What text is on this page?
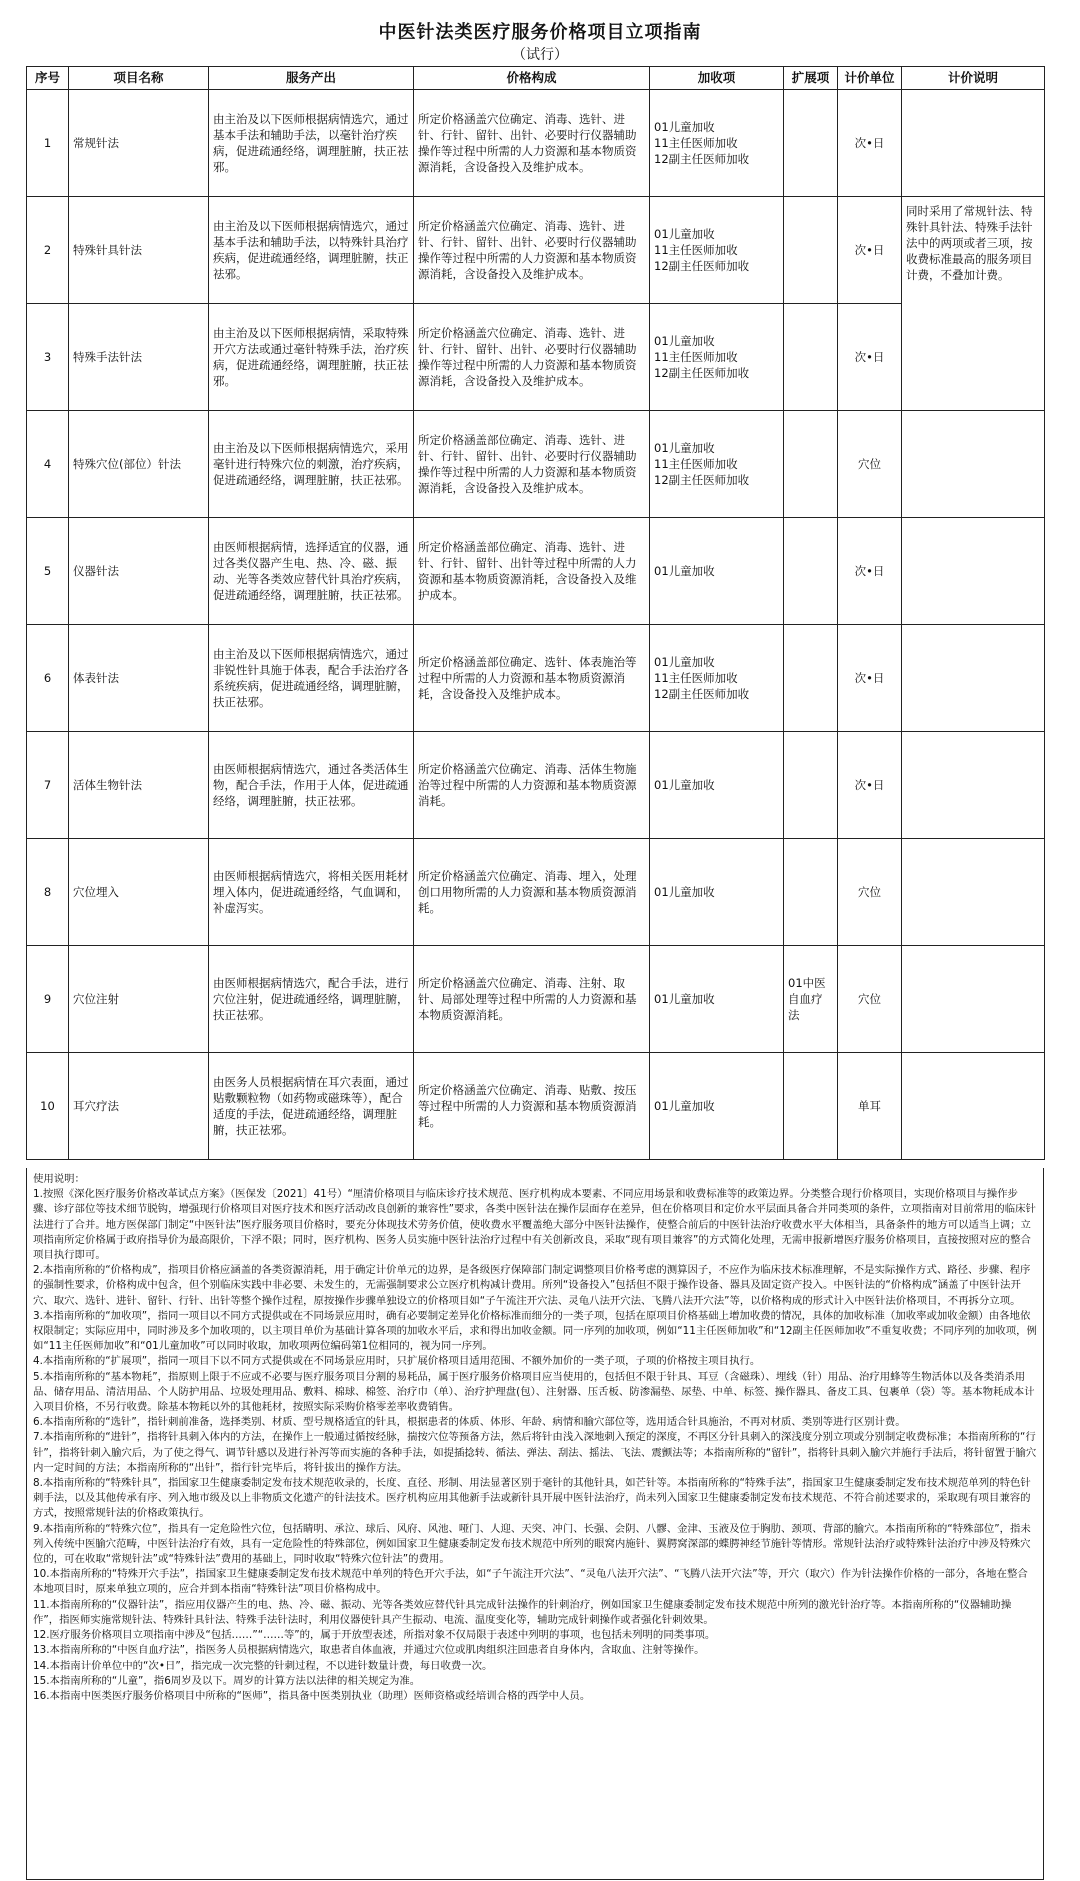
中医针法类医疗服务价格项目立项指南
（试行）
序号	项目名称	服务产出	价格构成	加收项	扩展项	计价单位	计价说明
1	常规针法	由主治及以下医师根据病情选穴，通过基本手法和辅助手法，以毫针治疗疾病，促进疏通经络，调理脏腑，扶正祛邪。	所定价格涵盖穴位确定、消毒、选针、进针、行针、留针、出针、必要时行仪器辅助操作等过程中所需的人力资源和基本物质资源消耗，含设备投入及维护成本。	01儿童加收
11主任医师加收
12副主任医师加收		次•日	
2	特殊针具针法	由主治及以下医师根据病情选穴，通过基本手法和辅助手法，以特殊针具治疗疾病，促进疏通经络，调理脏腑，扶正祛邪。	所定价格涵盖穴位确定、消毒、选针、进针、行针、留针、出针、必要时行仪器辅助操作等过程中所需的人力资源和基本物质资源消耗，含设备投入及维护成本。	01儿童加收
11主任医师加收
12副主任医师加收		次•日	同时采用了常规针法、特殊针具针法、特殊手法针法中的两项或者三项，按收费标准最高的服务项目计费，不叠加计费。
3	特殊手法针法	由主治及以下医师根据病情，采取特殊开穴方法或通过毫针特殊手法，治疗疾病，促进疏通经络，调理脏腑，扶正祛邪。	所定价格涵盖穴位确定、消毒、选针、进针、行针、留针、出针、必要时行仪器辅助操作等过程中所需的人力资源和基本物质资源消耗，含设备投入及维护成本。	01儿童加收
11主任医师加收
12副主任医师加收		次•日	
4	特殊穴位(部位）针法	由主治及以下医师根据病情选穴，采用毫针进行特殊穴位的刺激，治疗疾病，促进疏通经络，调理脏腑，扶正祛邪。	所定价格涵盖部位确定、消毒、选针、进针、行针、留针、出针、必要时行仪器辅助操作等过程中所需的人力资源和基本物质资源消耗，含设备投入及维护成本。	01儿童加收
11主任医师加收
12副主任医师加收		穴位	
5	仪器针法	由医师根据病情，选择适宜的仪器，通过各类仪器产生电、热、冷、磁、振动、光等各类效应替代针具治疗疾病，促进疏通经络，调理脏腑，扶正祛邪。	所定价格涵盖部位确定、消毒、选针、进针、行针、留针、出针等过程中所需的人力资源和基本物质资源消耗，含设备投入及维护成本。	01儿童加收		次•日	
6	体表针法	由主治及以下医师根据病情选穴，通过非锐性针具施于体表，配合手法治疗各系统疾病，促进疏通经络，调理脏腑，扶正祛邪。	所定价格涵盖部位确定、选针、体表施治等过程中所需的人力资源和基本物质资源消耗，含设备投入及维护成本。	01儿童加收
11主任医师加收
12副主任医师加收		次•日	
7	活体生物针法	由医师根据病情选穴，通过各类活体生物，配合手法，作用于人体，促进疏通经络，调理脏腑，扶正祛邪。	所定价格涵盖穴位确定、消毒、活体生物施治等过程中所需的人力资源和基本物质资源消耗。	01儿童加收		次•日	
8	穴位埋入	由医师根据病情选穴，将相关医用耗材埋入体内，促进疏通经络，气血调和，补虚泻实。	所定价格涵盖穴位确定、消毒、埋入，处理创口用物所需的人力资源和基本物质资源消耗。	01儿童加收		穴位	
9	穴位注射	由医师根据病情选穴，配合手法，进行穴位注射，促进疏通经络，调理脏腑，扶正祛邪。	所定价格涵盖穴位确定、消毒、注射、取针、局部处理等过程中所需的人力资源和基本物质资源消耗。	01儿童加收	01中医自血疗法	穴位	
10	耳穴疗法	由医务人员根据病情在耳穴表面，通过贴敷颗粒物（如药物或磁珠等），配合适度的手法，促进疏通经络，调理脏腑，扶正祛邪。	所定价格涵盖穴位确定、消毒、贴敷、按压等过程中所需的人力资源和基本物质资源消耗。	01儿童加收		单耳	

使用说明：

1.按照《深化医疗服务价格改革试点方案》（医保发〔2021〕41号）“厘清价格项目与临床诊疗技术规范、医疗机构成本要素、不同应用场景和收费标准等的政策边界。分类整合现行价格项目，实现价格项目与操作步骤、诊疗部位等技术细节脱钩，增强现行价格项目对医疗技术和医疗活动改良创新的兼容性”要求，各类中医针法在操作层面存在差异，但在价格项目和定价水平层面具备合并同类项的条件，立项指南对目前常用的临床针法进行了合并。地方医保部门制定“中医针法”医疗服务项目价格时，要充分体现技术劳务价值，使收费水平覆盖绝大部分中医针法操作，使整合前后的中医针法治疗收费水平大体相当，具备条件的地方可以适当上调；立项指南所定价格属于政府指导价为最高限价，下浮不限；同时，医疗机构、医务人员实施中医针法治疗过程中有关创新改良，采取“现有项目兼容”的方式简化处理，无需申报新增医疗服务价格项目，直接按照对应的整合项目执行即可。

2.本指南所称的“价格构成”，指项目价格应涵盖的各类资源消耗，用于确定计价单元的边界，是各级医疗保障部门制定调整项目价格考虑的测算因子，不应作为临床技术标准理解，不是实际操作方式、路径、步骤、程序的强制性要求，价格构成中包含，但个别临床实践中非必要、未发生的，无需强制要求公立医疗机构减计费用。所列“设备投入”包括但不限于操作设备、器具及固定资产投入。中医针法的“价格构成”涵盖了中医针法开穴、取穴、选针、进针、留针、行针、出针等整个操作过程，原按操作步骤单独设立的价格项目如“子午流注开穴法、灵龟八法开穴法、飞腾八法开穴法”等，以价格构成的形式计入中医针法价格项目，不再拆分立项。

3.本指南所称的“加收项”，指同一项目以不同方式提供或在不同场景应用时，确有必要制定差异化价格标准而细分的一类子项，包括在原项目价格基础上增加收费的情况，具体的加收标准（加收率或加收金额）由各地依权限制定；实际应用中，同时涉及多个加收项的，以主项目单价为基础计算各项的加收水平后，求和得出加收金额。同一序列的加收项，例如“11主任医师加收”和“12副主任医师加收”不重复收费；不同序列的加收项，例如“11主任医师加收”和“01儿童加收”可以同时收取，加收项两位编码第1位相同的，视为同一序列。

4.本指南所称的“扩展项”，指同一项目下以不同方式提供或在不同场景应用时，只扩展价格项目适用范围、不额外加价的一类子项，子项的价格按主项目执行。

5.本指南所称的“基本物耗”，指原则上限于不应或不必要与医疗服务项目分割的易耗品，属于医疗服务价格项目应当使用的，包括但不限于针具、耳豆（含磁珠）、埋线（针）用品、治疗用蜂等生物活体以及各类消杀用品、储存用品、清洁用品、个人防护用品、垃圾处理用品、敷料、棉球、棉签、治疗巾（单）、治疗护理盘(包）、注射器、压舌板、防渗漏垫、尿垫、中单、标签、操作器具、备皮工具、包裹单（袋）等。基本物耗成本计入项目价格，不另行收费。除基本物耗以外的其他耗材，按照实际采购价格零差率收费销售。

6.本指南所称的“选针”，指针刺前准备，选择类别、材质、型号规格适宜的针具，根据患者的体质、体形、年龄、病情和腧穴部位等，选用适合针具施治，不再对材质、类别等进行区别计费。

7.本指南所称的“进针”，指将针具刺入体内的方法，在操作上一般通过循按经脉，揣按穴位等预备方法，然后将针由浅入深地刺入预定的深度，不再区分针具刺入的深浅度分别立项或分别制定收费标准；本指南所称的“行针”，指将针刺入腧穴后，为了使之得气、调节针感以及进行补泻等而实施的各种手法，如提插捻转、循法、弹法、刮法、摇法、飞法、震颤法等；本指南所称的“留针”，指将针具刺入腧穴并施行手法后，将针留置于腧穴内一定时间的方法；本指南所称的“出针”，指行针完毕后，将针拔出的操作方法。

8.本指南所称的“特殊针具”，指国家卫生健康委制定发布技术规范收录的，长度、直径、形制、用法显著区别于毫针的其他针具，如芒针等。本指南所称的“特殊手法”，指国家卫生健康委制定发布技术规范单列的特色针刺手法，以及其他传承有序、列入地市级及以上非物质文化遗产的针法技术。医疗机构应用其他新手法或新针具开展中医针法治疗，尚未列入国家卫生健康委制定发布技术规范、不符合前述要求的，采取现有项目兼容的方式，按照常规针法的价格政策执行。

9.本指南所称的“特殊穴位”，指具有一定危险性穴位，包括睛明、承泣、球后、风府、风池、哑门、人迎、天突、冲门、长强、会阴、八髎、金津、玉液及位于胸肋、颈项、背部的腧穴。本指南所称的“特殊部位”，指未列入传统中医腧穴范畴，中医针法治疗有效，具有一定危险性的特殊部位，例如国家卫生健康委制定发布技术规范中所列的眼窝内施针、翼腭窝深部的蝶腭神经节施针等情形。常规针法治疗或特殊针法治疗中涉及特殊穴位的，可在收取“常规针法”或“特殊针法”费用的基础上，同时收取“特殊穴位针法”的费用。

10.本指南所称的“特殊开穴手法”，指国家卫生健康委制定发布技术规范中单列的特色开穴手法，如“子午流注开穴法”、“灵龟八法开穴法”、“飞腾八法开穴法”等，开穴（取穴）作为针法操作价格的一部分，各地在整合本地项目时，原来单独立项的，应合并到本指南“特殊针法”项目价格构成中。

11.本指南所称的“仪器针法”，指应用仪器产生的电、热、冷、磁、振动、光等各类效应替代针具完成针法操作的针刺治疗，例如国家卫生健康委制定发布技术规范中所列的激光针治疗等。本指南所称的“仪器辅助操作”，指医师实施常规针法、特殊针具针法、特殊手法针法时，利用仪器使针具产生振动、电流、温度变化等，辅助完成针刺操作或者强化针刺效果。

12.医疗服务价格项目立项指南中涉及“包括……”“……等”的，属于开放型表述，所指对象不仅局限于表述中列明的事项，也包括未列明的同类事项。

13.本指南所称的“中医自血疗法”，指医务人员根据病情选穴，取患者自体血液，并通过穴位或肌肉组织注回患者自身体内，含取血、注射等操作。

14.本指南计价单位中的“次•日”，指完成一次完整的针刺过程，不以进针数量计费，每日收费一次。

15.本指南所称的“儿童”，指6周岁及以下。周岁的计算方法以法律的相关规定为准。

16.本指南中医类医疗服务价格项目中所称的“医师”，指具备中医类别执业（助理）医师资格或经培训合格的西学中人员。
